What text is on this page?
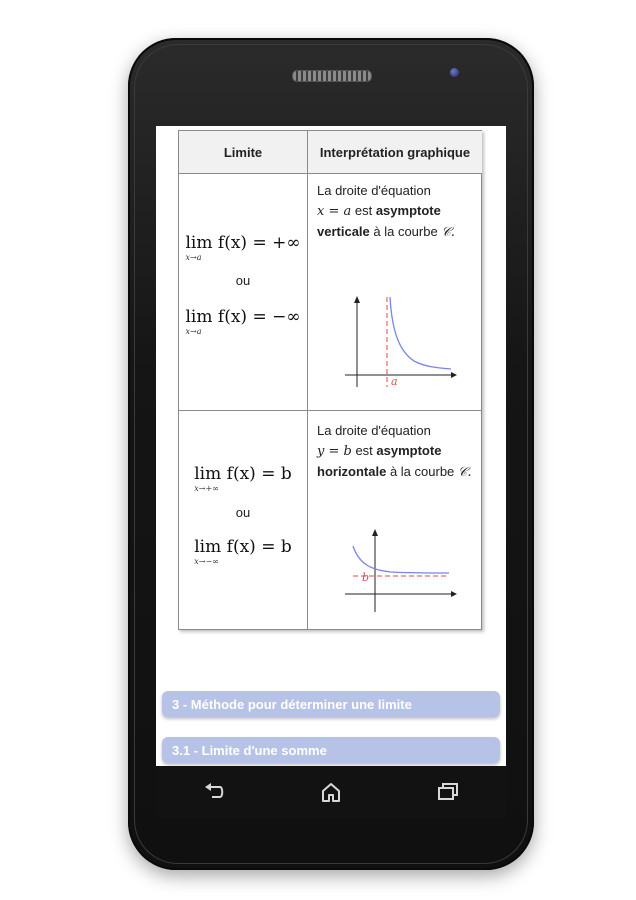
Limite	Interprétation graphique
lim f(x) = +∞
x→a
ou
lim f(x) = −∞
x→a
La droite d'équation
x = a est asymptote
verticale à la courbe 𝒞.
a
lim f(x) = b
x→+∞
ou
lim f(x) = b
x→−∞
La droite d'équation
y = b est asymptote
horizontale à la courbe 𝒞.
b
3 - Méthode pour déterminer une limite
3.1 - Limite d'une somme
